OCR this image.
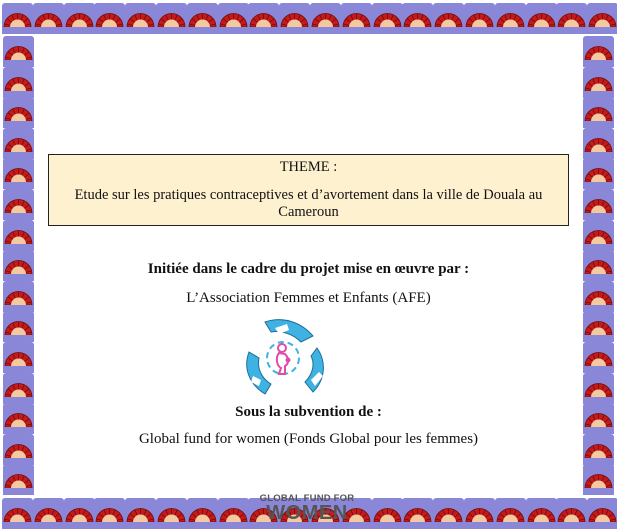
THEME :
Etude sur les pratiques contraceptives et d’avortement dans la ville de Douala au Cameroun
Initiée dans le cadre du projet mise en œuvre par :
L’Association Femmes et Enfants (AFE)
Sous la subvention de :
Global fund for women (Fonds Global pour les femmes)
GLOBAL FUND FOR
WOMEN
